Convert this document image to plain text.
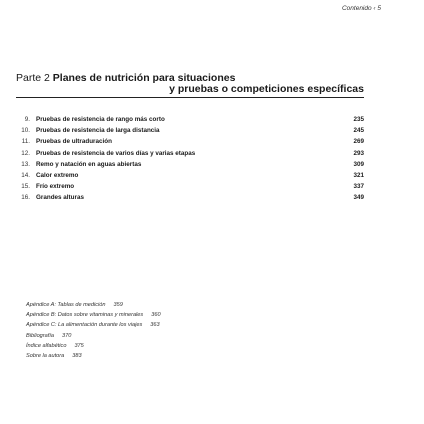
Contenido ‹ 5
Parte 2 Planes de nutrición para situaciones
y pruebas o competiciones específicas
9. Pruebas de resistencia de rango más corto	235
10. Pruebas de resistencia de larga distancia	245
11. Pruebas de ultraduración	269
12. Pruebas de resistencia de varios días y varias etapas	293
13. Remo y natación en aguas abiertas	309
14. Calor extremo	321
15. Frío extremo	337
16. Grandes alturas	349
Apéndice A: Tablas de medición 359
Apéndice B: Datos sobre vitaminas y minerales 360
Apéndice C: La alimentación durante los viajes 363
Bibliografía 370
Índice alfabético 375
Sobre la autora 383
